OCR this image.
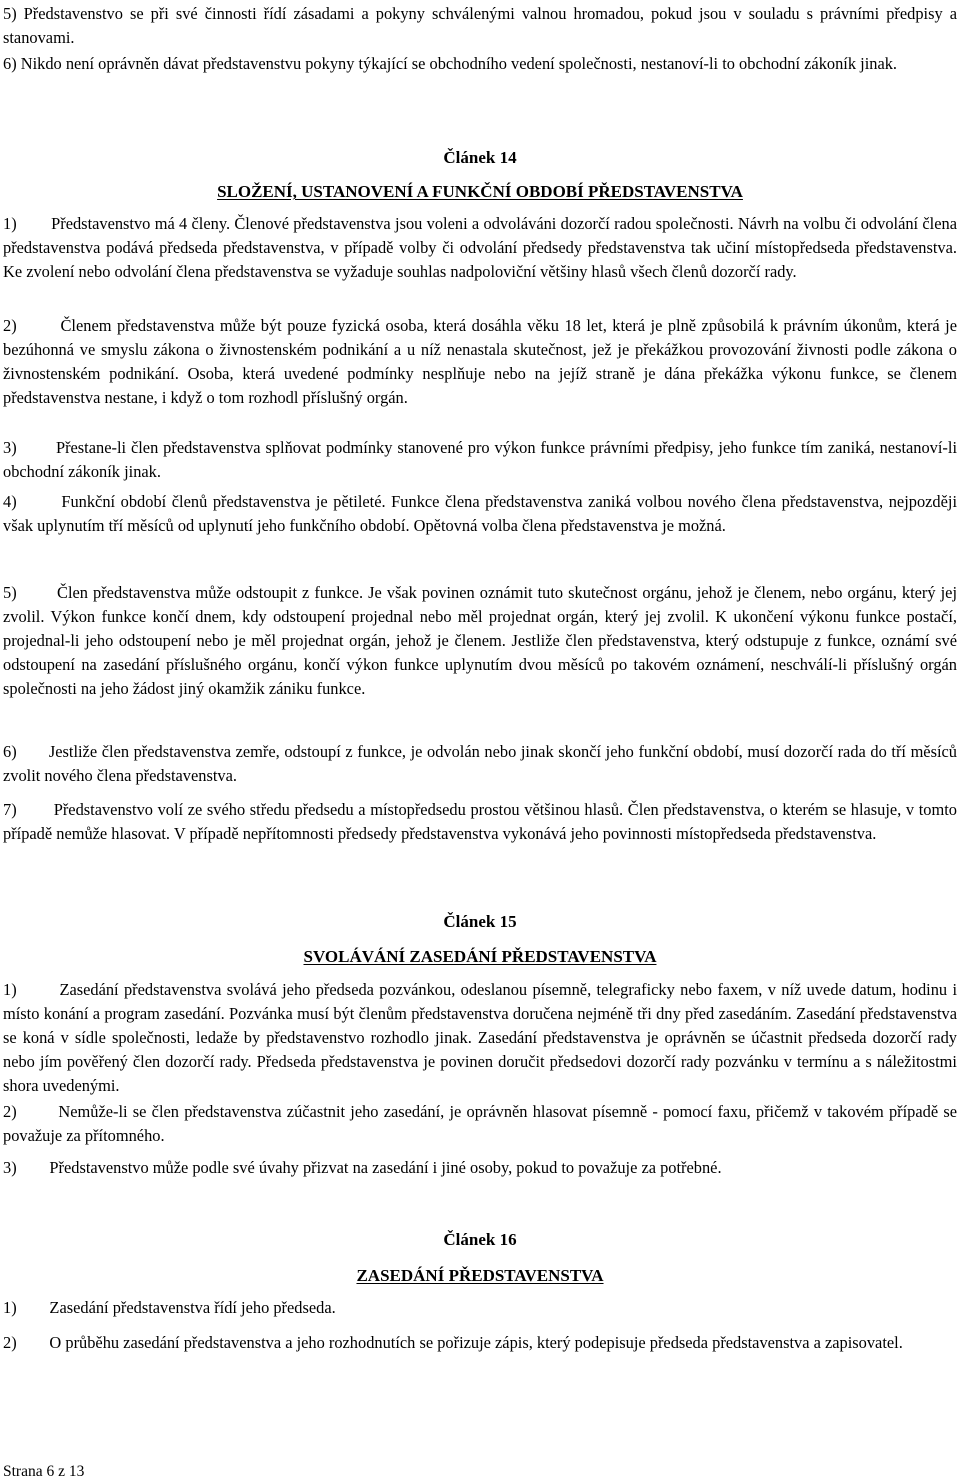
5) Představenstvo se při své činnosti řídí zásadami a pokyny schválenými valnou hromadou, pokud jsou v souladu s právními předpisy a stanovami.

6) Nikdo není oprávněn dávat představenstvu pokyny týkající se obchodního vedení společnosti, nestanoví-li to obchodní zákoník jinak.

Článek 14

SLOŽENÍ, USTANOVENÍ A FUNKČNÍ OBDOBÍ PŘEDSTAVENSTVA

1)        Představenstvo má 4 členy. Členové představenstva jsou voleni a odvoláváni dozorčí radou společnosti. Návrh na volbu či odvolání člena představenstva podává předseda představenstva, v případě volby či odvolání předsedy představenstva tak učiní místopředseda představenstva. Ke zvolení nebo odvolání člena představenstva se vyžaduje souhlas nadpoloviční většiny hlasů všech členů dozorčí rady.

2)        Členem představenstva může být pouze fyzická osoba, která dosáhla věku 18 let, která je plně způsobilá k právním úkonům, která je bezúhonná ve smyslu zákona o živnostenském podnikání a u níž nenastala skutečnost, jež je překážkou provozování živnosti podle zákona o živnostenském podnikání. Osoba, která uvedené podmínky nesplňuje nebo na jejíž straně je dána překážka výkonu funkce, se členem představenstva nestane, i když o tom rozhodl příslušný orgán.

3)        Přestane-li člen představenstva splňovat podmínky stanovené pro výkon funkce právními předpisy, jeho funkce tím zaniká, nestanoví-li obchodní zákoník jinak.

4)        Funkční období členů představenstva je pětileté. Funkce člena představenstva zaniká volbou nového člena představenstva, nejpozději však uplynutím tří měsíců od uplynutí jeho funkčního období. Opětovná volba člena představenstva je možná.

5)        Člen představenstva může odstoupit z funkce. Je však povinen oznámit tuto skutečnost orgánu, jehož je členem, nebo orgánu, který jej zvolil. Výkon funkce končí dnem, kdy odstoupení projednal nebo měl projednat orgán, který jej zvolil. K ukončení výkonu funkce postačí, projednal-li jeho odstoupení nebo je měl projednat orgán, jehož je členem. Jestliže člen představenstva, který odstupuje z funkce, oznámí své odstoupení na zasedání příslušného orgánu, končí výkon funkce uplynutím dvou měsíců po takovém oznámení, neschválí-li příslušný orgán společnosti na jeho žádost jiný okamžik zániku funkce.

6)       Jestliže člen představenstva zemře, odstoupí z funkce, je odvolán nebo jinak skončí jeho funkční období, musí dozorčí rada do tří měsíců zvolit nového člena představenstva.

7)        Představenstvo volí ze svého středu předsedu a místopředsedu prostou většinou hlasů. Člen představenstva, o kterém se hlasuje, v tomto případě nemůže hlasovat. V případě nepřítomnosti předsedy představenstva vykonává jeho povinnosti místopředseda představenstva.

Článek 15

SVOLÁVÁNÍ ZASEDÁNÍ PŘEDSTAVENSTVA

1)        Zasedání představenstva svolává jeho předseda pozvánkou, odeslanou písemně, telegraficky nebo faxem, v níž uvede datum, hodinu i místo konání a program zasedání. Pozvánka musí být členům představenstva doručena nejméně tři dny před zasedáním. Zasedání představenstva se koná v sídle společnosti, ledaže by představenstvo rozhodlo jinak. Zasedání představenstva je oprávněn se účastnit předseda dozorčí rady nebo jím pověřený člen dozorčí rady. Předseda představenstva je povinen doručit předsedovi dozorčí rady pozvánku v termínu a s náležitostmi shora uvedenými.

2)        Nemůže-li se člen představenstva zúčastnit jeho zasedání, je oprávněn hlasovat písemně - pomocí faxu, přičemž v takovém případě se považuje za přítomného.

3)        Představenstvo může podle své úvahy přizvat na zasedání i jiné osoby, pokud to považuje za potřebné.

Článek 16

ZASEDÁNÍ PŘEDSTAVENSTVA

1)        Zasedání představenstva řídí jeho předseda.

2)        O průběhu zasedání představenstva a jeho rozhodnutích se pořizuje zápis, který podepisuje předseda představenstva a zapisovatel.

Strana 6 z 13
